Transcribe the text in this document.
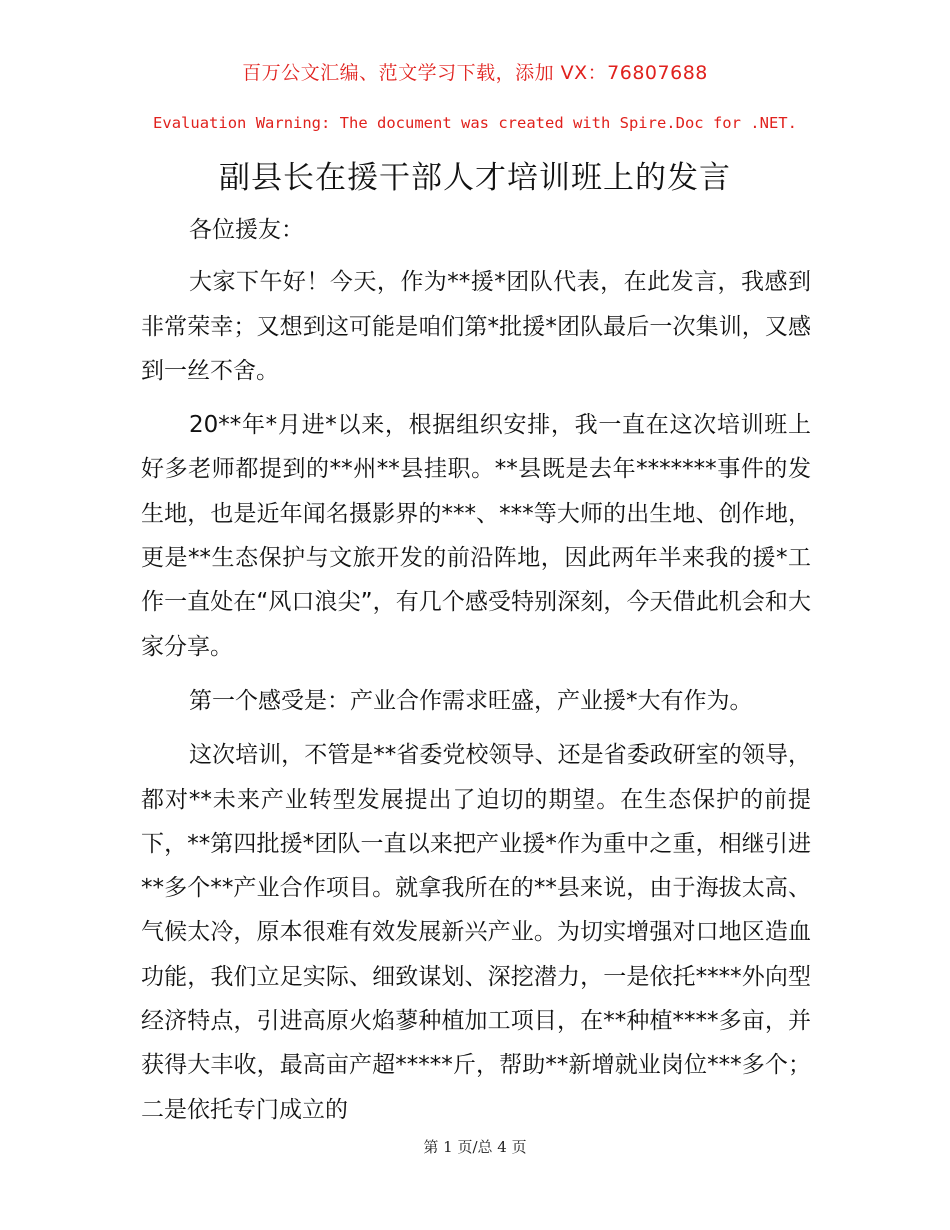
百万公文汇编、范文学习下载，添加 VX：76807688
Evaluation Warning: The document was created with Spire.Doc for .NET.
副县长在援干部人才培训班上的发言

各位援友：

大家下午好！今天，作为**援*团队代表，在此发言，我感到非常荣幸；又想到这可能是咱们第*批援*团队最后一次集训，又感到一丝不舍。

20**年*月进*以来，根据组织安排，我一直在这次培训班上好多老师都提到的**州**县挂职。**县既是去年*******事件的发生地，也是近年闻名摄影界的***、***等大师的出生地、创作地，更是**生态保护与文旅开发的前沿阵地，因此两年半来我的援*工作一直处在“风口浪尖”，有几个感受特别深刻，今天借此机会和大家分享。

第一个感受是：产业合作需求旺盛，产业援*大有作为。

这次培训，不管是**省委党校领导、还是省委政研室的领导，都对**未来产业转型发展提出了迫切的期望。在生态保护的前提下，**第四批援*团队一直以来把产业援*作为重中之重，相继引进**多个**产业合作项目。就拿我所在的**县来说，由于海拔太高、气候太冷，原本很难有效发展新兴产业。为切实增强对口地区造血功能，我们立足实际、细致谋划、深挖潜力，一是依托****外向型经济特点，引进高原火焰蓼种植加工项目，在**种植****多亩，并获得大丰收，最高亩产超*****斤，帮助**新增就业岗位***多个；二是依托专门成立的

第 1 页/总 4 页
